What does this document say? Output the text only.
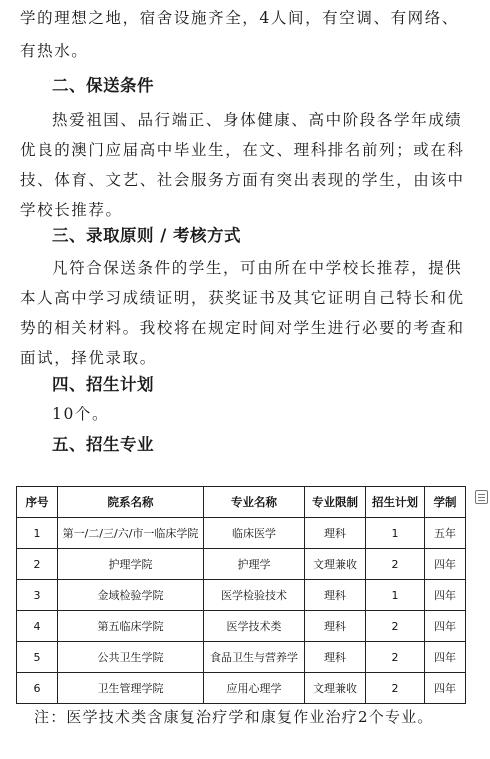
学的理想之地，宿舍设施齐全，4人间，有空调、有网络、
有热水。
二、保送条件
热爱祖国、品行端正、身体健康、高中阶段各学年成绩
优良的澳门应届高中毕业生，在文、理科排名前列；或在科
技、体育、文艺、社会服务方面有突出表现的学生，由该中
学校长推荐。
三、录取原则 / 考核方式
凡符合保送条件的学生，可由所在中学校长推荐，提供
本人高中学习成绩证明，获奖证书及其它证明自己特长和优
势的相关材料。我校将在规定时间对学生进行必要的考查和
面试，择优录取。
四、招生计划
10个。
五、招生专业
序号	院系名称	专业名称	专业限制	招生计划	学制
1	第一/二/三/六/市一临床学院	临床医学	理科	1	五年
2	护理学院	护理学	文理兼收	2	四年
3	金域检验学院	医学检验技术	理科	1	四年
4	第五临床学院	医学技术类	理科	2	四年
5	公共卫生学院	食品卫生与营养学	理科	2	四年
6	卫生管理学院	应用心理学	文理兼收	2	四年
注：医学技术类含康复治疗学和康复作业治疗2个专业。
